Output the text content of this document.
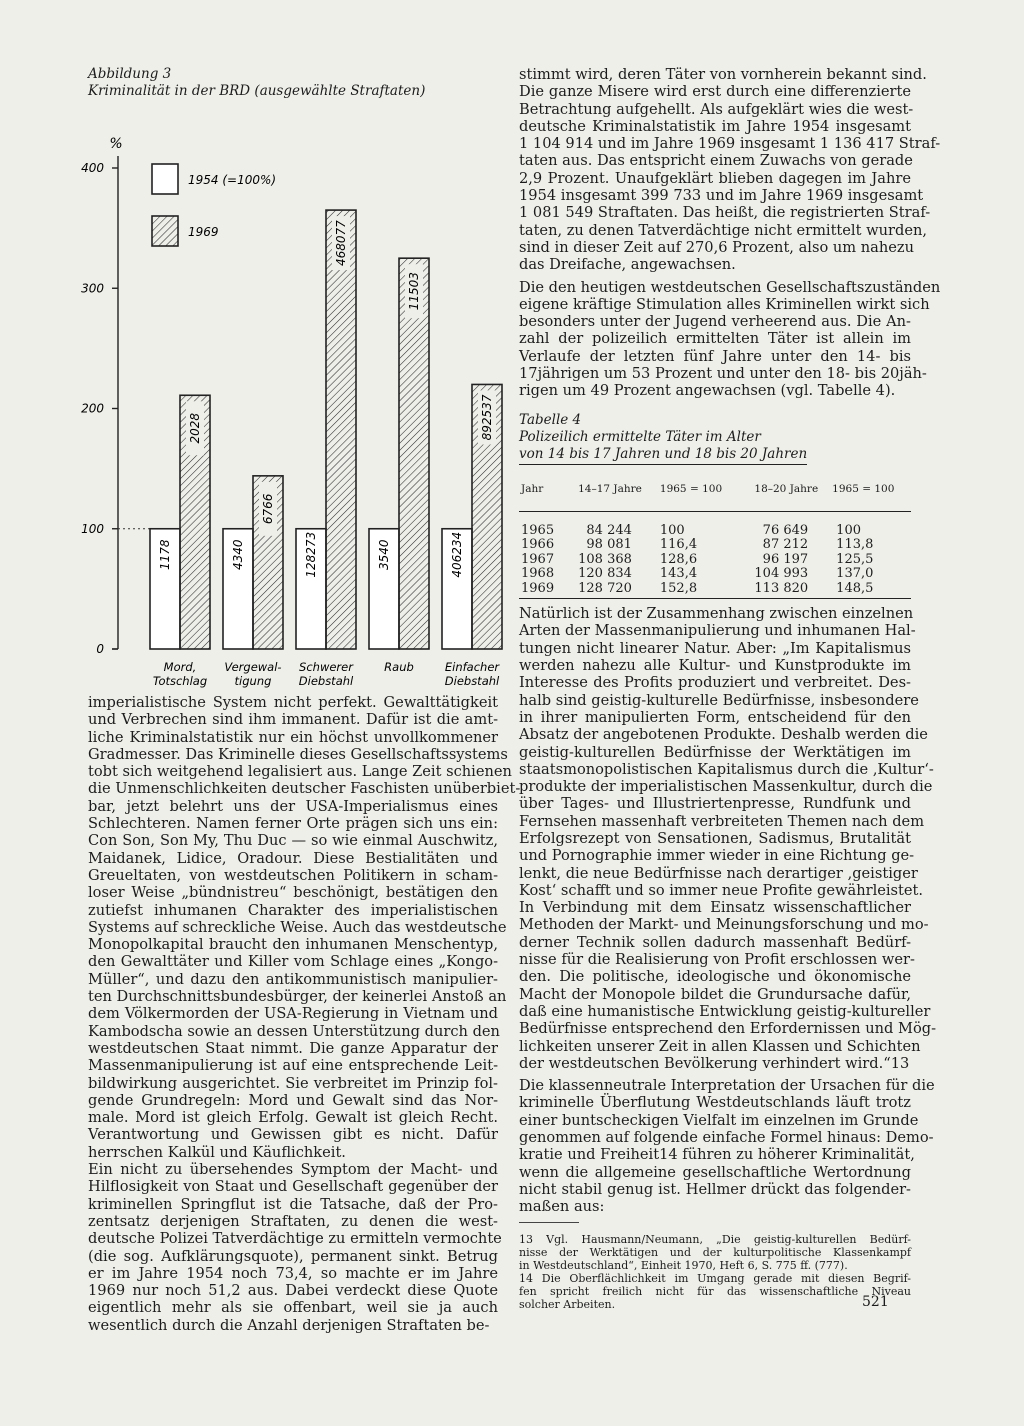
Abbildung 3
Kriminalität in der BRD (ausgewählte Straftaten)
%
0
100
200
300
400
1954 (=100%)
1969
1178
2028
Mord,
Totschlag
4340
6766
Vergewal-
tigung
128273
468077
Schwerer
Diebstahl
3540
11503
Raub
406234
892537
Einfacher
Diebstahl

imperialistische System nicht perfekt. Gewalttätigkeit
und Verbrechen sind ihm immanent. Dafür ist die amt-
liche Kriminalstatistik nur ein höchst unvollkommener
Gradmesser. Das Kriminelle dieses Gesellschaftssystems
tobt sich weitgehend legalisiert aus. Lange Zeit schienen
die Unmenschlichkeiten deutscher Faschisten unüberbiet-
bar, jetzt belehrt uns der USA-Imperialismus eines
Schlechteren. Namen ferner Orte prägen sich uns ein:
Con Son, Son My, Thu Duc — so wie einmal Auschwitz,
Maidanek, Lidice, Oradour. Diese Bestialitäten und
Greueltaten, von westdeutschen Politikern in scham-
loser Weise „bündnistreu“ beschönigt, bestätigen den
zutiefst inhumanen Charakter des imperialistischen
Systems auf schreckliche Weise. Auch das westdeutsche
Monopolkapital braucht den inhumanen Menschentyp,
den Gewalttäter und Killer vom Schlage eines „Kongo-
Müller“, und dazu den antikommunistisch manipulier-
ten Durchschnittsbundesbürger, der keinerlei Anstoß an
dem Völkermorden der USA-Regierung in Vietnam und
Kambodscha sowie an dessen Unterstützung durch den
westdeutschen Staat nimmt. Die ganze Apparatur der
Massenmanipulierung ist auf eine entsprechende Leit-
bildwirkung ausgerichtet. Sie verbreitet im Prinzip fol-
gende Grundregeln: Mord und Gewalt sind das Nor-
male. Mord ist gleich Erfolg. Gewalt ist gleich Recht.
Verantwortung und Gewissen gibt es nicht. Dafür
herrschen Kalkül und Käuflichkeit.

Ein nicht zu übersehendes Symptom der Macht- und
Hilflosigkeit von Staat und Gesellschaft gegenüber der
kriminellen Springflut ist die Tatsache, daß der Pro-
zentsatz derjenigen Straftaten, zu denen die west-
deutsche Polizei Tatverdächtige zu ermitteln vermochte
(die sog. Aufklärungsquote), permanent sinkt. Betrug
er im Jahre 1954 noch 73,4, so machte er im Jahre
1969 nur noch 51,2 aus. Dabei verdeckt diese Quote
eigentlich mehr als sie offenbart, weil sie ja auch
wesentlich durch die Anzahl derjenigen Straftaten be-

stimmt wird, deren Täter von vornherein bekannt sind.
Die ganze Misere wird erst durch eine differenzierte
Betrachtung aufgehellt. Als aufgeklärt wies die west-
deutsche Kriminalstatistik im Jahre 1954 insgesamt
1 104 914 und im Jahre 1969 insgesamt 1 136 417 Straf-
taten aus. Das entspricht einem Zuwachs von gerade
2,9 Prozent. Unaufgeklärt blieben dagegen im Jahre
1954 insgesamt 399 733 und im Jahre 1969 insgesamt
1 081 549 Straftaten. Das heißt, die registrierten Straf-
taten, zu denen Tatverdächtige nicht ermittelt wurden,
sind in dieser Zeit auf 270,6 Prozent, also um nahezu
das Dreifache, angewachsen.

Die den heutigen westdeutschen Gesellschaftszuständen
eigene kräftige Stimulation alles Kriminellen wirkt sich
besonders unter der Jugend verheerend aus. Die An-
zahl der polizeilich ermittelten Täter ist allein im
Verlaufe der letzten fünf Jahre unter den 14- bis
17jährigen um 53 Prozent und unter den 18- bis 20jäh-
rigen um 49 Prozent angewachsen (vgl. Tabelle 4).

Tabelle 4
Polizeilich ermittelte Täter im Alter
von 14 bis 17 Jahren und 18 bis 20 Jahren
Jahr	14–17 Jahre	1965 = 100	18–20 Jahre	1965 = 100
1965	84 244	100	76 649	100
1966	98 081	116,4	87 212	113,8
1967	108 368	128,6	96 197	125,5
1968	120 834	143,4	104 993	137,0
1969	128 720	152,8	113 820	148,5

Natürlich ist der Zusammenhang zwischen einzelnen
Arten der Massenmanipulierung und inhumanen Hal-
tungen nicht linearer Natur. Aber: „Im Kapitalismus
werden nahezu alle Kultur- und Kunstprodukte im
Interesse des Profits produziert und verbreitet. Des-
halb sind geistig-kulturelle Bedürfnisse, insbesondere
in ihrer manipulierten Form, entscheidend für den
Absatz der angebotenen Produkte. Deshalb werden die
geistig-kulturellen Bedürfnisse der Werktätigen im
staatsmonopolistischen Kapitalismus durch die ‚Kultur‘-
produkte der imperialistischen Massenkultur, durch die
über Tages- und Illustriertenpresse, Rundfunk und
Fernsehen massenhaft verbreiteten Themen nach dem
Erfolgsrezept von Sensationen, Sadismus, Brutalität
und Pornographie immer wieder in eine Richtung ge-
lenkt, die neue Bedürfnisse nach derartiger ‚geistiger
Kost‘ schafft und so immer neue Profite gewährleistet.
In Verbindung mit dem Einsatz wissenschaftlicher
Methoden der Markt- und Meinungsforschung und mo-
derner Technik sollen dadurch massenhaft Bedürf-
nisse für die Realisierung von Profit erschlossen wer-
den. Die politische, ideologische und ökonomische
Macht der Monopole bildet die Grundursache dafür,
daß eine humanistische Entwicklung geistig-kultureller
Bedürfnisse entsprechend den Erfordernissen und Mög-
lichkeiten unserer Zeit in allen Klassen und Schichten
der westdeutschen Bevölkerung verhindert wird.“13

Die klassenneutrale Interpretation der Ursachen für die
kriminelle Überflutung Westdeutschlands läuft trotz
einer buntscheckigen Vielfalt im einzelnen im Grunde
genommen auf folgende einfache Formel hinaus: Demo-
kratie und Freiheit14 führen zu höherer Kriminalität,
wenn die allgemeine gesellschaftliche Wertordnung
nicht stabil genug ist. Hellmer drückt das folgender-
maßen aus:

13 Vgl. Hausmann/Neumann, „Die geistig-kulturellen Bedürf-
nisse der Werktätigen und der kulturpolitische Klassenkampf
in Westdeutschland“, Einheit 1970, Heft 6, S. 775 ff. (777).

14 Die Oberflächlichkeit im Umgang gerade mit diesen Begrif-
fen spricht freilich nicht für das wissenschaftliche Niveau
solcher Arbeiten.	521
